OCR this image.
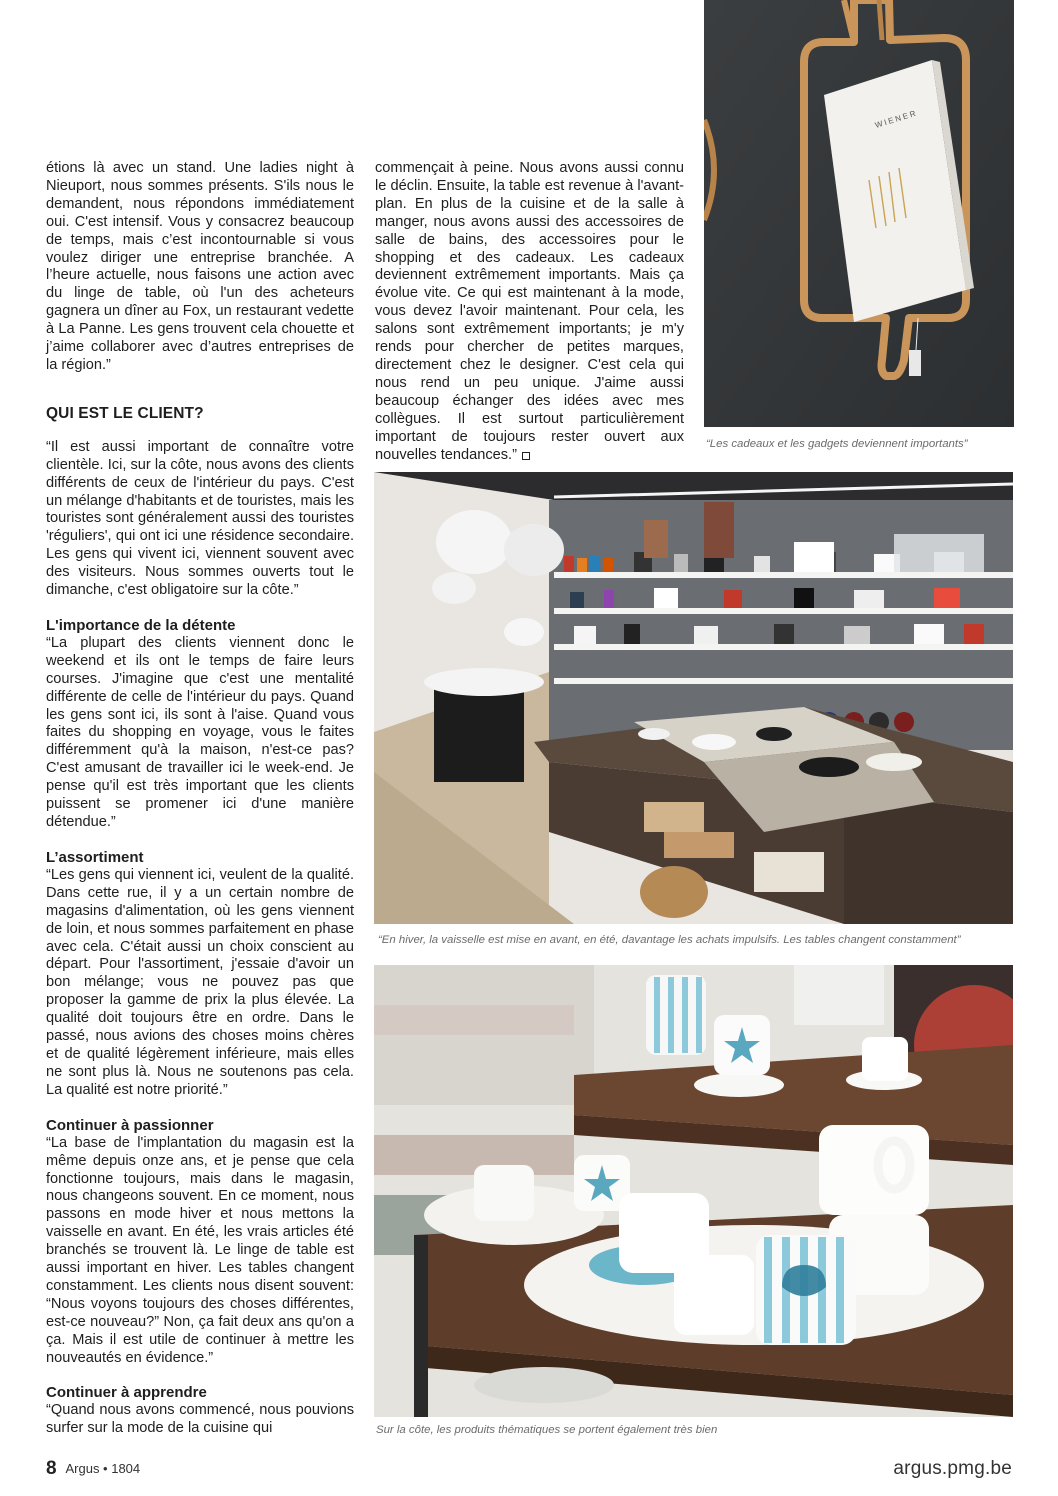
étions là avec un stand. Une ladies night à Nieuport, nous sommes présents. S'ils nous le demandent, nous répondons immédiatement oui. C'est intensif. Vous y consacrez beaucoup de temps, mais c’est incontournable si vous voulez diriger une entreprise branchée. A l’heure actuelle, nous faisons une action avec du linge de table, où l'un des acheteurs gagnera un dîner au Fox, un restaurant vedette à La Panne. Les gens trouvent cela chouette et j’aime collaborer avec d’autres entreprises de la région.”

QUI EST LE CLIENT?

“Il est aussi important de connaître votre clientèle. Ici, sur la côte, nous avons des clients différents de ceux de l'intérieur du pays. C'est un mélange d'habitants et de touristes, mais les touristes sont généralement aussi des touristes 'réguliers', qui ont ici une résidence secondaire. Les gens qui vivent ici, viennent souvent avec des visiteurs. Nous sommes ouverts tout le dimanche, c'est obligatoire sur la côte.”

L'importance de la détente

“La plupart des clients viennent donc le weekend et ils ont le temps de faire leurs courses. J'imagine que c'est une mentalité différente de celle de l'intérieur du pays. Quand les gens sont ici, ils sont à l'aise. Quand vous faites du shopping en voyage, vous le faites différemment qu'à la maison, n'est-ce pas? C'est amusant de travailler ici le week-end. Je pense qu'il est très important que les clients puissent se promener ici d'une manière détendue.”

L’assortiment

“Les gens qui viennent ici, veulent de la qualité. Dans cette rue, il y a un certain nombre de magasins d'alimentation, où les gens viennent de loin, et nous sommes parfaitement en phase avec cela. C'était aussi un choix conscient au départ. Pour l'assortiment, j'essaie d'avoir un bon mélange; vous ne pouvez pas que proposer la gamme de prix la plus élevée. La qualité doit toujours être en ordre. Dans le passé, nous avions des choses moins chères et de qualité légèrement inférieure, mais elles ne sont plus là. Nous ne soutenons pas cela. La qualité est notre priorité.”

Continuer à passionner

“La base de l'implantation du magasin est la même depuis onze ans, et je pense que cela fonctionne toujours, mais dans le magasin, nous changeons souvent. En ce moment, nous passons en mode hiver et nous mettons la vaisselle en avant. En été, les vrais articles été branchés se trouvent là. Le linge de table est aussi important en hiver. Les tables changent constamment. Les clients nous disent souvent: “Nous voyons toujours des choses différentes, est-ce nouveau?” Non, ça fait deux ans qu'on a ça. Mais il est utile de continuer à mettre les nouveautés en évidence.”

Continuer à apprendre

“Quand nous avons commencé, nous pouvions surfer sur la mode de la cuisine qui

commençait à peine. Nous avons aussi connu le déclin. Ensuite, la table est revenue à l'avant-plan. En plus de la cuisine et de la salle à manger, nous avons aussi des accessoires de salle de bains, des accessoires pour le shopping et des cadeaux. Les cadeaux deviennent extrêmement importants. Mais ça évolue vite. Ce qui est maintenant à la mode, vous devez l'avoir maintenant. Pour cela, les salons sont extrêmement importants; je m'y rends pour chercher de petites marques, directement chez le designer. C'est cela qui nous rend un peu unique. J'aime aussi beaucoup échanger des idées avec mes collègues. Il est surtout particulièrement important de toujours rester ouvert aux nouvelles tendances.”

WIENER
“Les cadeaux et les gadgets deviennent importants”
“En hiver, la vaisselle est mise en avant, en été, davantage les achats impulsifs. Les tables changent constamment”
Sur la côte, les produits thématiques se portent également très bien
8 Argus • 1804	argus.pmg.be
